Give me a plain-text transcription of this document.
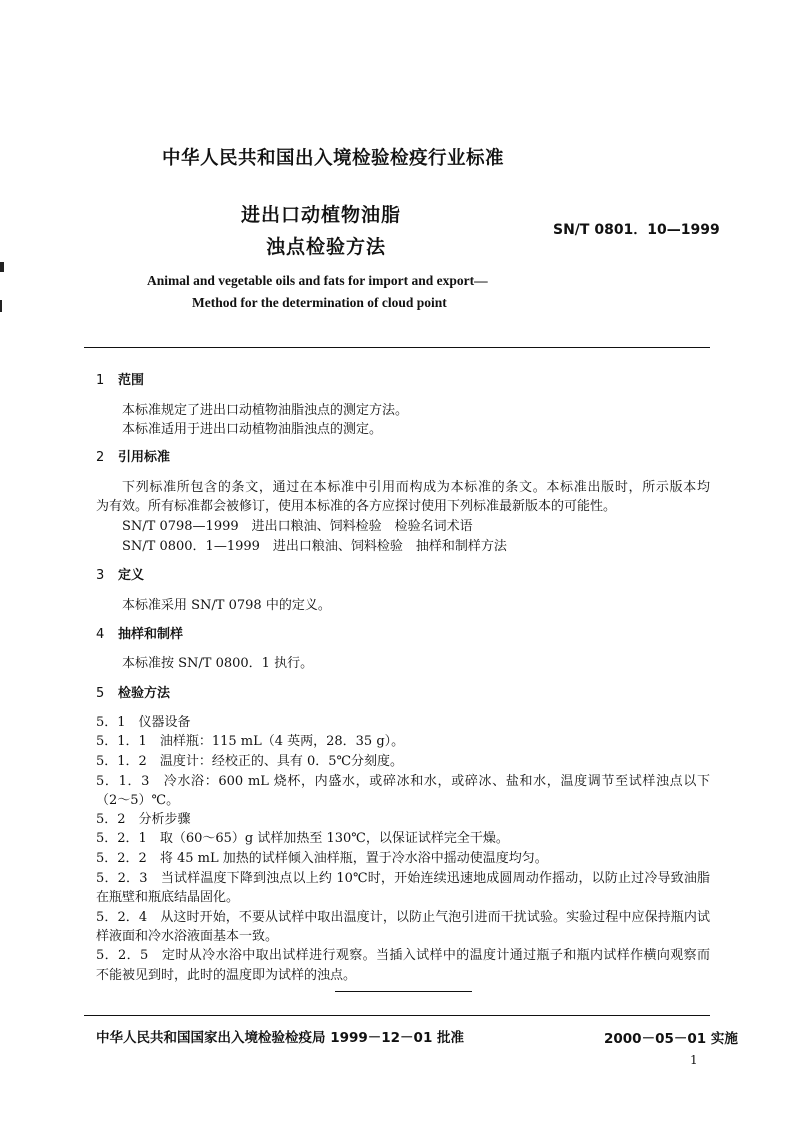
中华人民共和国出入境检验检疫行业标准
进出口动植物油脂
浊点检验方法
SN/T 0801．10—1999
Animal and vegetable oils and fats for import and export—
Method for the determination of cloud point
1 范围
本标准规定了进出口动植物油脂浊点的测定方法。
本标准适用于进出口动植物油脂浊点的测定。
2 引用标准
下列标准所包含的条文，通过在本标准中引用而构成为本标准的条文。本标准出版时，所示版本均
为有效。所有标准都会被修订，使用本标准的各方应探讨使用下列标准最新版本的可能性。
SN/T 0798—1999　进出口粮油、饲料检验　检验名词术语
SN/T 0800．1—1999　进出口粮油、饲料检验　抽样和制样方法
3 定义
本标准采用 SN/T 0798 中的定义。
4 抽样和制样
本标准按 SN/T 0800．1 执行。
5 检验方法
5．1　仪器设备
5．1．1　油样瓶：115 mL（4 英两，28．35 g）。
5．1．2　温度计：经校正的、具有 0．5℃分刻度。
5．1．3　冷水浴：600 mL 烧杯，内盛水，或碎冰和水，或碎冰、盐和水，温度调节至试样浊点以下
（2～5）℃。
5．2　分析步骤
5．2．1　取（60～65）g 试样加热至 130℃，以保证试样完全干燥。
5．2．2　将 45 mL 加热的试样倾入油样瓶，置于冷水浴中摇动使温度均匀。
5．2．3　当试样温度下降到浊点以上约 10℃时，开始连续迅速地成圆周动作摇动，以防止过冷导致油脂
在瓶壁和瓶底结晶固化。
5．2．4　从这时开始，不要从试样中取出温度计，以防止气泡引进而干扰试验。实验过程中应保持瓶内试
样液面和冷水浴液面基本一致。
5．2．5　定时从冷水浴中取出试样进行观察。当插入试样中的温度计通过瓶子和瓶内试样作横向观察而
不能被见到时，此时的温度即为试样的浊点。
中华人民共和国国家出入境检验检疫局 1999－12－01 批准	2000－05－01 实施
1
